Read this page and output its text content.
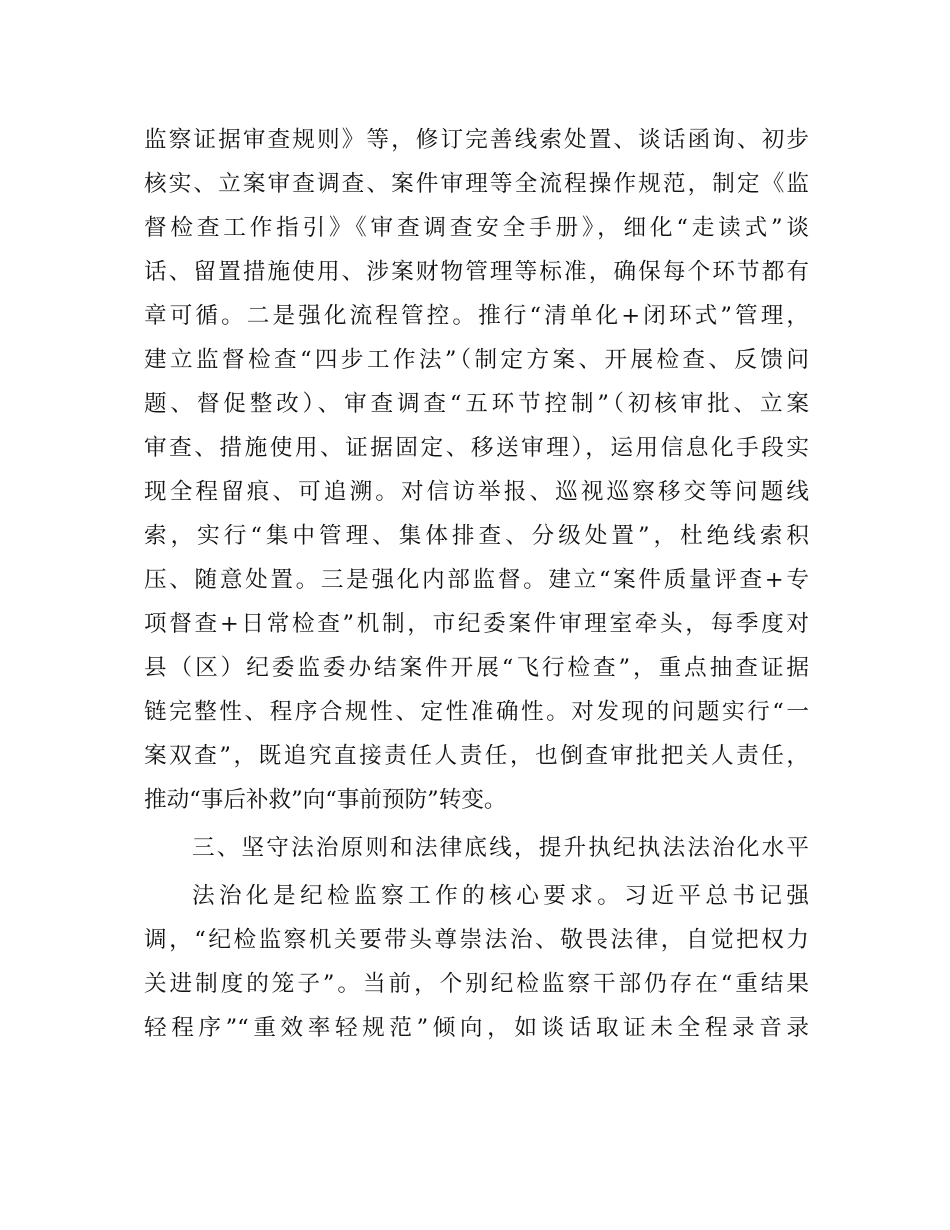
监察证据审查规则》等，修订完善线索处置、谈话函询、初步
核实、立案审查调查、案件审理等全流程操作规范，制定《监
督检查工作指引》《审查调查安全手册》，细化“走读式”谈
话、留置措施使用、涉案财物管理等标准，确保每个环节都有
章可循。二是强化流程管控。推行“清单化+闭环式”管理，
建立监督检查“四步工作法”（制定方案、开展检查、反馈问
题、督促整改）、审查调查“五环节控制”（初核审批、立案
审查、措施使用、证据固定、移送审理），运用信息化手段实
现全程留痕、可追溯。对信访举报、巡视巡察移交等问题线
索，实行“集中管理、集体排查、分级处置”，杜绝线索积
压、随意处置。三是强化内部监督。建立“案件质量评查+专
项督查+日常检查”机制，市纪委案件审理室牵头，每季度对
县（区）纪委监委办结案件开展“飞行检查”，重点抽查证据
链完整性、程序合规性、定性准确性。对发现的问题实行“一
案双查”，既追究直接责任人责任，也倒查审批把关人责任，
推动“事后补救”向“事前预防”转变。
三、坚守法治原则和法律底线，提升执纪执法法治化水平
法治化是纪检监察工作的核心要求。习近平总书记强
调，“纪检监察机关要带头尊崇法治、敬畏法律，自觉把权力
关进制度的笼子”。当前，个别纪检监察干部仍存在“重结果
轻程序”“重效率轻规范”倾向，如谈话取证未全程录音录
